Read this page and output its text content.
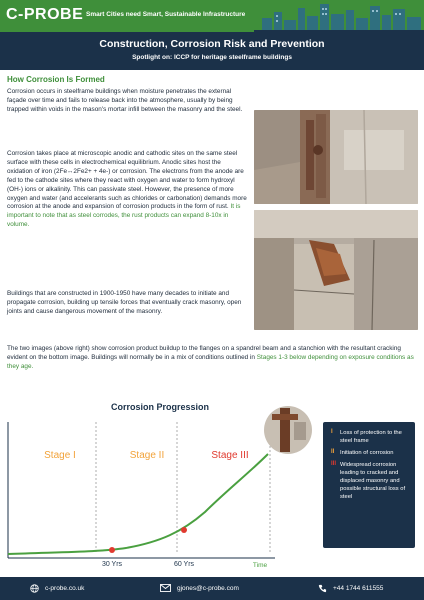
C-PROBE Smart Cities need Smart, Sustainable Infrastructure
Construction, Corrosion Risk and Prevention
Spotlight on: ICCP for heritage steelframe buildings
How Corrosion Is Formed
Corrosion occurs in steelframe buildings when moisture penetrates the external façade over time and fails to release back into the atmosphere, usually by being trapped within voids in the mason's mortar infill between the masonry and the steel.
Corrosion takes place at microscopic anodic and cathodic sites on the same steel surface with these cells in electrochemical equilibrium. Anodic sites host the oxidation of iron (2Fe↔2Fe2+ + 4e-) or corrosion. The electrons from the anode are fed to the cathode sites where they react with oxygen and water to form hydroxyl (OH-) ions or alkalinity. This can passivate steel. However, the presence of more oxygen and water (and accelerants such as chlorides or carbonation) demands more corrosion at the anode and expansion of corrosion products in the form of rust. It is important to note that as steel corrodes, the rust products can expand 8-10x in volume.
Buildings that are constructed in 1900-1950 have many decades to initiate and propagate corrosion, building up tensile forces that eventually crack masonry, open joints and cause dangerous movement of the masonry.
The two images (above right) show corrosion product buildup to the flanges on a spandrel beam and a stanchion with the resultant cracking evident on the bottom image. Buildings will normally be in a mix of conditions outlined in Stages 1-3 below depending on exposure conditions as they age.
Corrosion Progression
Stage I	Stage II	Stage III
30 Yrs	60 Yrs	Time
I	Loss of protection to the steel frame
II Initiation of corrosion
III Widespread corrosion leading to cracked and displaced masonry and possible structural loss of steel
c-probe.co.uk	gjones@c-probe.com	+44 1744 611555
